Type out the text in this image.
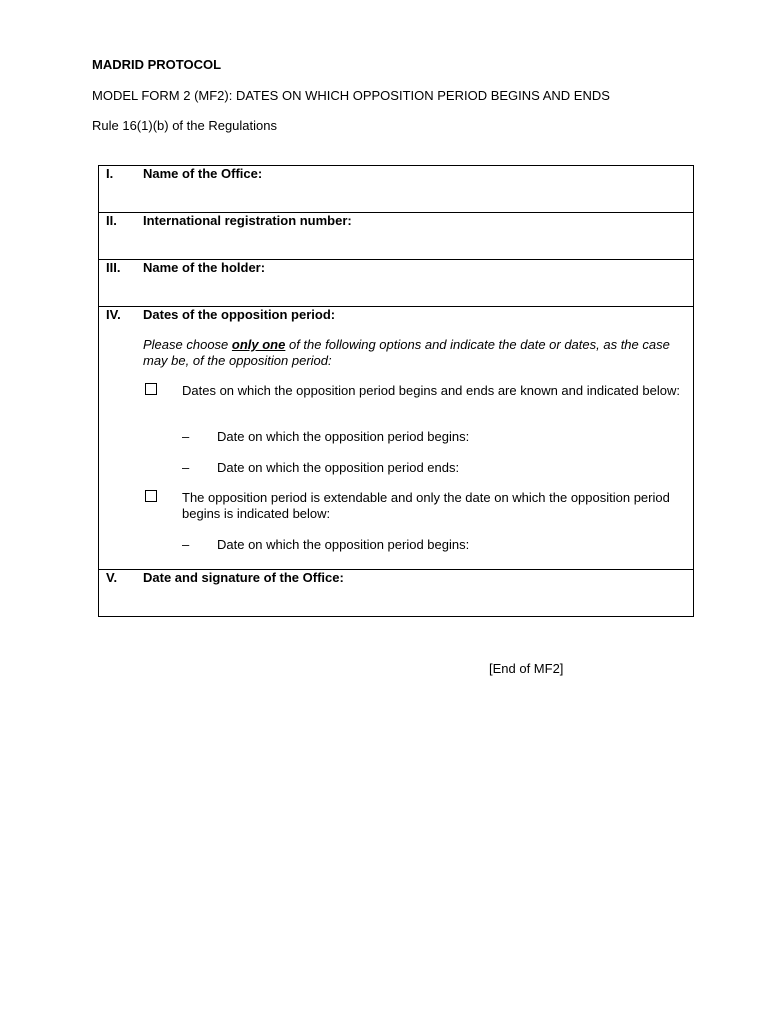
MADRID PROTOCOL
MODEL FORM 2 (MF2): DATES ON WHICH OPPOSITION PERIOD BEGINS AND ENDS
Rule 16(1)(b) of the Regulations
I. Name of the Office:
II. International registration number:
III. Name of the holder:
IV. Dates of the opposition period:
Please choose only one of the following options and indicate the date or dates, as the case may be, of the opposition period:
Dates on which the opposition period begins and ends are known and indicated below:
– Date on which the opposition period begins:
– Date on which the opposition period ends:
The opposition period is extendable and only the date on which the opposition period begins is indicated below:
– Date on which the opposition period begins:
V. Date and signature of the Office:
[End of MF2]
